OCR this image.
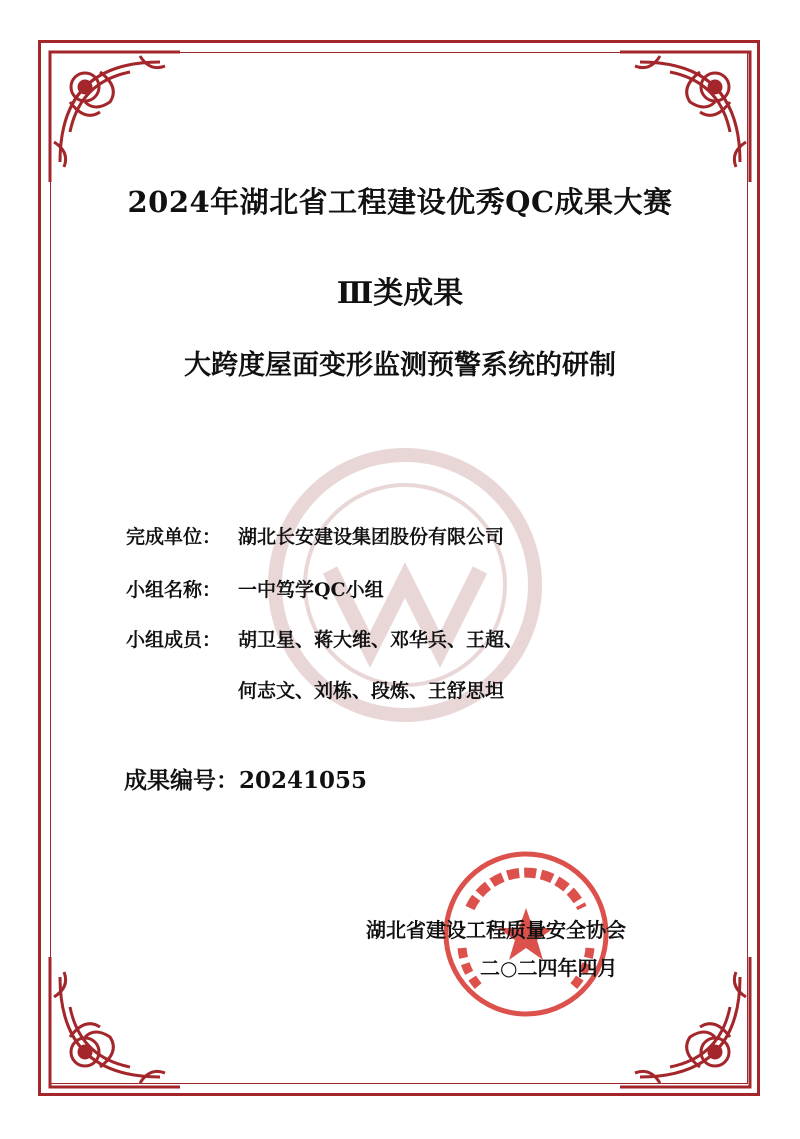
2024年湖北省工程建设优秀QC成果大赛
Ⅲ类成果
大跨度屋面变形监测预警系统的研制
完成单位： 湖北长安建设集团股份有限公司
小组名称： 一中笃学QC小组
小组成员： 胡卫星、蒋大维、邓华兵、王超、
何志文、刘栋、段炼、王舒思坦
成果编号：20241055
湖北省建设工程质量安全协会
二○二四年四月
